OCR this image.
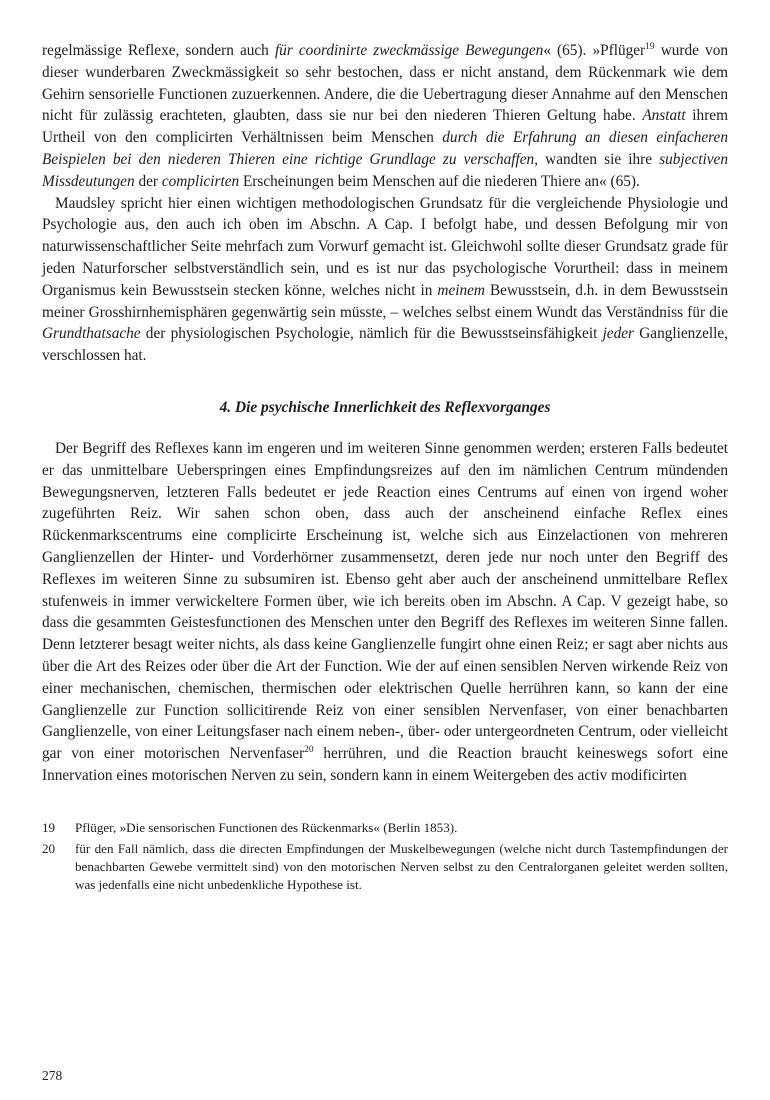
regelmässige Reflexe, sondern auch für coordinirte zweckmässige Bewegungen« (65). »Pflüger$^{19}$ wurde von dieser wunderbaren Zweckmässigkeit so sehr bestochen, dass er nicht anstand, dem Rückenmark wie dem Gehirn sensorielle Functionen zuzuerkennen. Andere, die die Uebertragung dieser Annahme auf den Menschen nicht für zulässig erachteten, glaubten, dass sie nur bei den niederen Thieren Geltung habe. Anstatt ihrem Urtheil von den complicirten Verhältnissen beim Menschen durch die Erfahrung an diesen einfacheren Beispielen bei den niederen Thieren eine richtige Grundlage zu verschaffen, wandten sie ihre subjectiven Missdeutungen der complicirten Erscheinungen beim Menschen auf die niederen Thiere an« (65).

Maudsley spricht hier einen wichtigen methodologischen Grundsatz für die vergleichende Physiologie und Psychologie aus, den auch ich oben im Abschn. A Cap. I befolgt habe, und dessen Befolgung mir von naturwissenschaftlicher Seite mehrfach zum Vorwurf gemacht ist. Gleichwohl sollte dieser Grundsatz grade für jeden Naturforscher selbstverständlich sein, und es ist nur das psychologische Vorurtheil: dass in meinem Organismus kein Bewusstsein stecken könne, welches nicht in meinem Bewusstsein, d.h. in dem Bewusstsein meiner Grosshirnhemisphären gegenwärtig sein müsste, – welches selbst einem Wundt das Verständniss für die Grundthatsache der physiologischen Psychologie, nämlich für die Bewusstseinsfähigkeit jeder Ganglienzelle, verschlossen hat.

4. Die psychische Innerlichkeit des Reflexvorganges

Der Begriff des Reflexes kann im engeren und im weiteren Sinne genommen werden; ersteren Falls bedeutet er das unmittelbare Ueberspringen eines Empfindungsreizes auf den im nämlichen Centrum mündenden Bewegungsnerven, letzteren Falls bedeutet er jede Reaction eines Centrums auf einen von irgend woher zugeführten Reiz. Wir sahen schon oben, dass auch der anscheinend einfache Reflex eines Rückenmarkscentrums eine complicirte Erscheinung ist, welche sich aus Einzelactionen von mehreren Ganglienzellen der Hinter- und Vorderhörner zusammensetzt, deren jede nur noch unter den Begriff des Reflexes im weiteren Sinne zu subsumiren ist. Ebenso geht aber auch der anscheinend unmittelbare Reflex stufenweis in immer verwickeltere Formen über, wie ich bereits oben im Abschn. A Cap. V gezeigt habe, so dass die gesammten Geistesfunctionen des Menschen unter den Begriff des Reflexes im weiteren Sinne fallen. Denn letzterer besagt weiter nichts, als dass keine Ganglienzelle fungirt ohne einen Reiz; er sagt aber nichts aus über die Art des Reizes oder über die Art der Function. Wie der auf einen sensiblen Nerven wirkende Reiz von einer mechanischen, chemischen, thermischen oder elektrischen Quelle herrühren kann, so kann der eine Ganglienzelle zur Function sollicitirende Reiz von einer sensiblen Nervenfaser, von einer benachbarten Ganglienzelle, von einer Leitungsfaser nach einem neben-, über- oder untergeordneten Centrum, oder vielleicht gar von einer motorischen Nervenfaser$^{20}$ herrühren, und die Reaction braucht keineswegs sofort eine Innervation eines motorischen Nerven zu sein, sondern kann in einem Weitergeben des activ modificirten

19	Pflüger, »Die sensorischen Functionen des Rückenmarks« (Berlin 1853).
20	für den Fall nämlich, dass die directen Empfindungen der Muskelbewegungen (welche nicht durch Tastempfindungen der benachbarten Gewebe vermittelt sind) von den motorischen Nerven selbst zu den Centralorganen geleitet werden sollten, was jedenfalls eine nicht unbedenkliche Hypothese ist.
278
